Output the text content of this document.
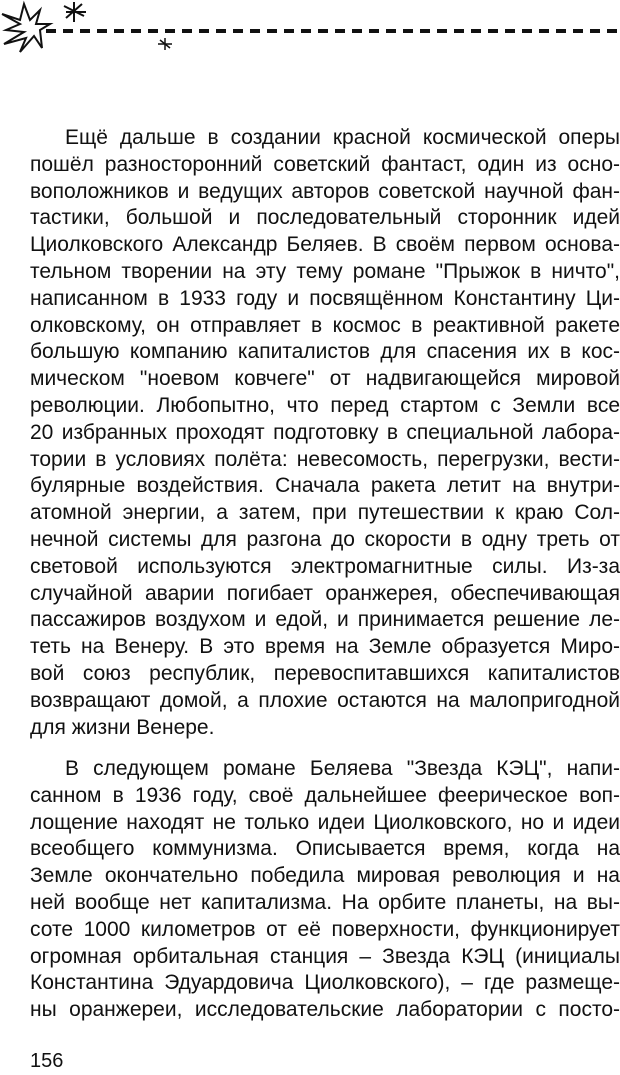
Ещё дальше в создании красной космической оперы
пошёл разносторонний советский фантаст, один из осно-
воположников и ведущих авторов советской научной фан-
тастики, большой и последовательный сторонник идей
Циолковского Александр Беляев. В своём первом основа-
тельном творении на эту тему романе "Прыжок в ничто",
написанном в 1933 году и посвящённом Константину Ци-
олковскому, он отправляет в космос в реактивной ракете
большую компанию капиталистов для спасения их в кос-
мическом "ноевом ковчеге" от надвигающейся мировой
революции. Любопытно, что перед стартом с Земли все
20 избранных проходят подготовку в специальной лабора-
тории в условиях полёта: невесомость, перегрузки, вести-
булярные воздействия. Сначала ракета летит на внутри-
атомной энергии, а затем, при путешествии к краю Сол-
нечной системы для разгона до скорости в одну треть от
световой используются электромагнитные силы. Из-за
случайной аварии погибает оранжерея, обеспечивающая
пассажиров воздухом и едой, и принимается решение ле-
теть на Венеру. В это время на Земле образуется Миро-
вой союз республик, перевоспитавшихся капиталистов
возвращают домой, а плохие остаются на малопригодной
для жизни Венере.
В следующем романе Беляева "Звезда КЭЦ", напи-
санном в 1936 году, своё дальнейшее феерическое воп-
лощение находят не только идеи Циолковского, но и идеи
всеобщего коммунизма. Описывается время, когда на
Земле окончательно победила мировая революция и на
ней вообще нет капитализма. На орбите планеты, на вы-
соте 1000 километров от её поверхности, функционирует
огромная орбитальная станция – Звезда КЭЦ (инициалы
Константина Эдуардовича Циолковского), – где размеще-
ны оранжереи, исследовательские лаборатории с посто-
156
